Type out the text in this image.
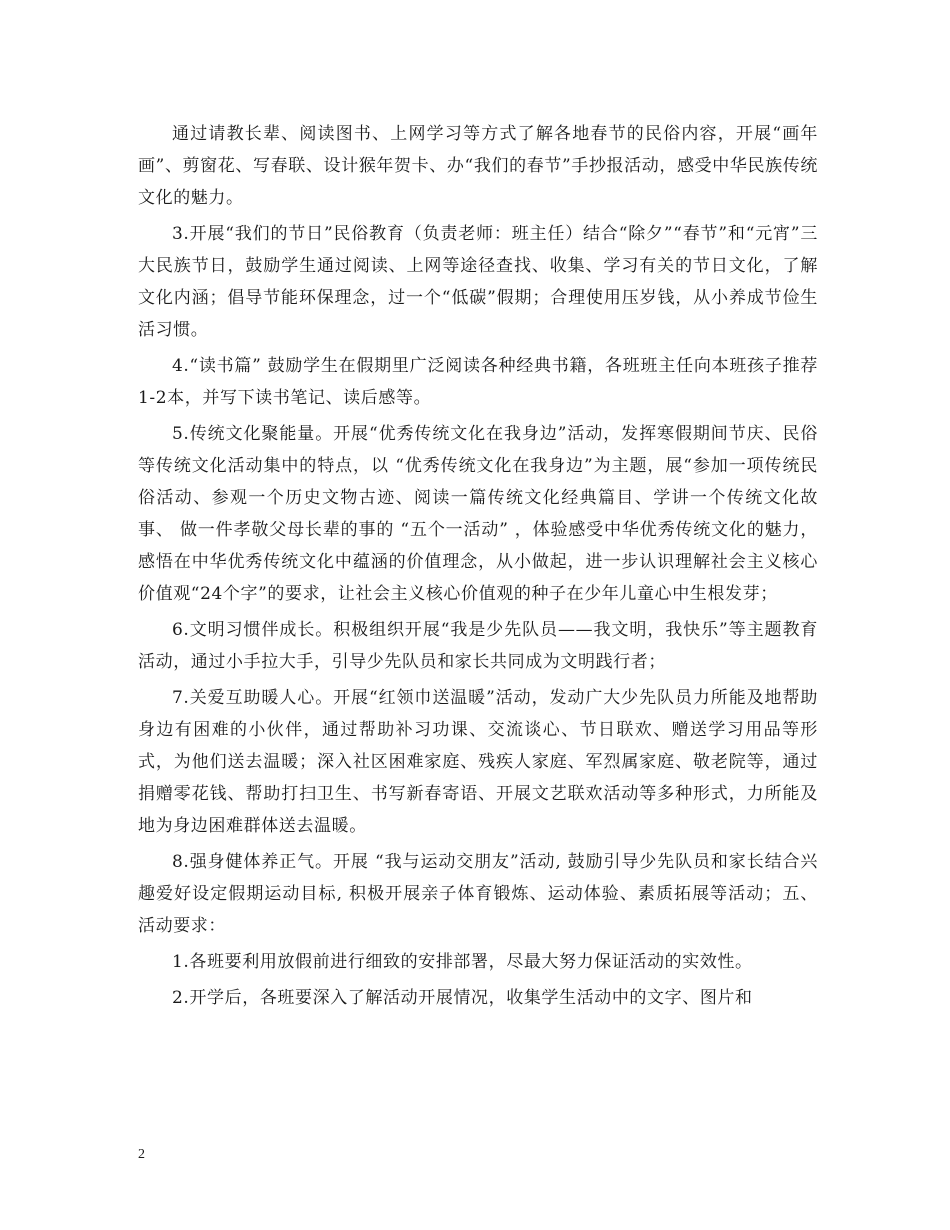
通过请教长辈、阅读图书、上网学习等方式了解各地春节的民俗内容，开展“画年画”、剪窗花、写春联、设计猴年贺卡、办“我们的春节”手抄报活动，感受中华民族传统文化的魅力。

3.开展“我们的节日”民俗教育（负责老师：班主任）结合“除夕”“春节”和“元宵”三大民族节日，鼓励学生通过阅读、上网等途径查找、收集、学习有关的节日文化，了解文化内涵；倡导节能环保理念，过一个“低碳”假期；合理使用压岁钱，从小养成节俭生活习惯。

4.“读书篇” 鼓励学生在假期里广泛阅读各种经典书籍，各班班主任向本班孩子推荐1-2本，并写下读书笔记、读后感等。

5.传统文化聚能量。开展“优秀传统文化在我身边”活动，发挥寒假期间节庆、民俗等传统文化活动集中的特点，以 “优秀传统文化在我身边”为主题，展“参加一项传统民俗活动、参观一个历史文物古迹、阅读一篇传统文化经典篇目、学讲一个传统文化故事、 做一件孝敬父母长辈的事的 “五个一活动” ，体验感受中华优秀传统文化的魅力，感悟在中华优秀传统文化中蕴涵的价值理念，从小做起，进一步认识理解社会主义核心价值观“24个字”的要求，让社会主义核心价值观的种子在少年儿童心中生根发芽；

6.文明习惯伴成长。积极组织开展“我是少先队员——我文明，我快乐”等主题教育活动，通过小手拉大手，引导少先队员和家长共同成为文明践行者；

7.关爱互助暖人心。开展“红领巾送温暖”活动，发动广大少先队员力所能及地帮助身边有困难的小伙伴，通过帮助补习功课、交流谈心、节日联欢、赠送学习用品等形式，为他们送去温暖；深入社区困难家庭、残疾人家庭、军烈属家庭、敬老院等，通过捐赠零花钱、帮助打扫卫生、书写新春寄语、开展文艺联欢活动等多种形式，力所能及地为身边困难群体送去温暖。

8.强身健体养正气。开展 “我与运动交朋友”活动, 鼓励引导少先队员和家长结合兴趣爱好设定假期运动目标, 积极开展亲子体育锻炼、运动体验、素质拓展等活动；五、活动要求：

1.各班要利用放假前进行细致的安排部署，尽最大努力保证活动的实效性。

2.开学后，各班要深入了解活动开展情况，收集学生活动中的文字、图片和

2
